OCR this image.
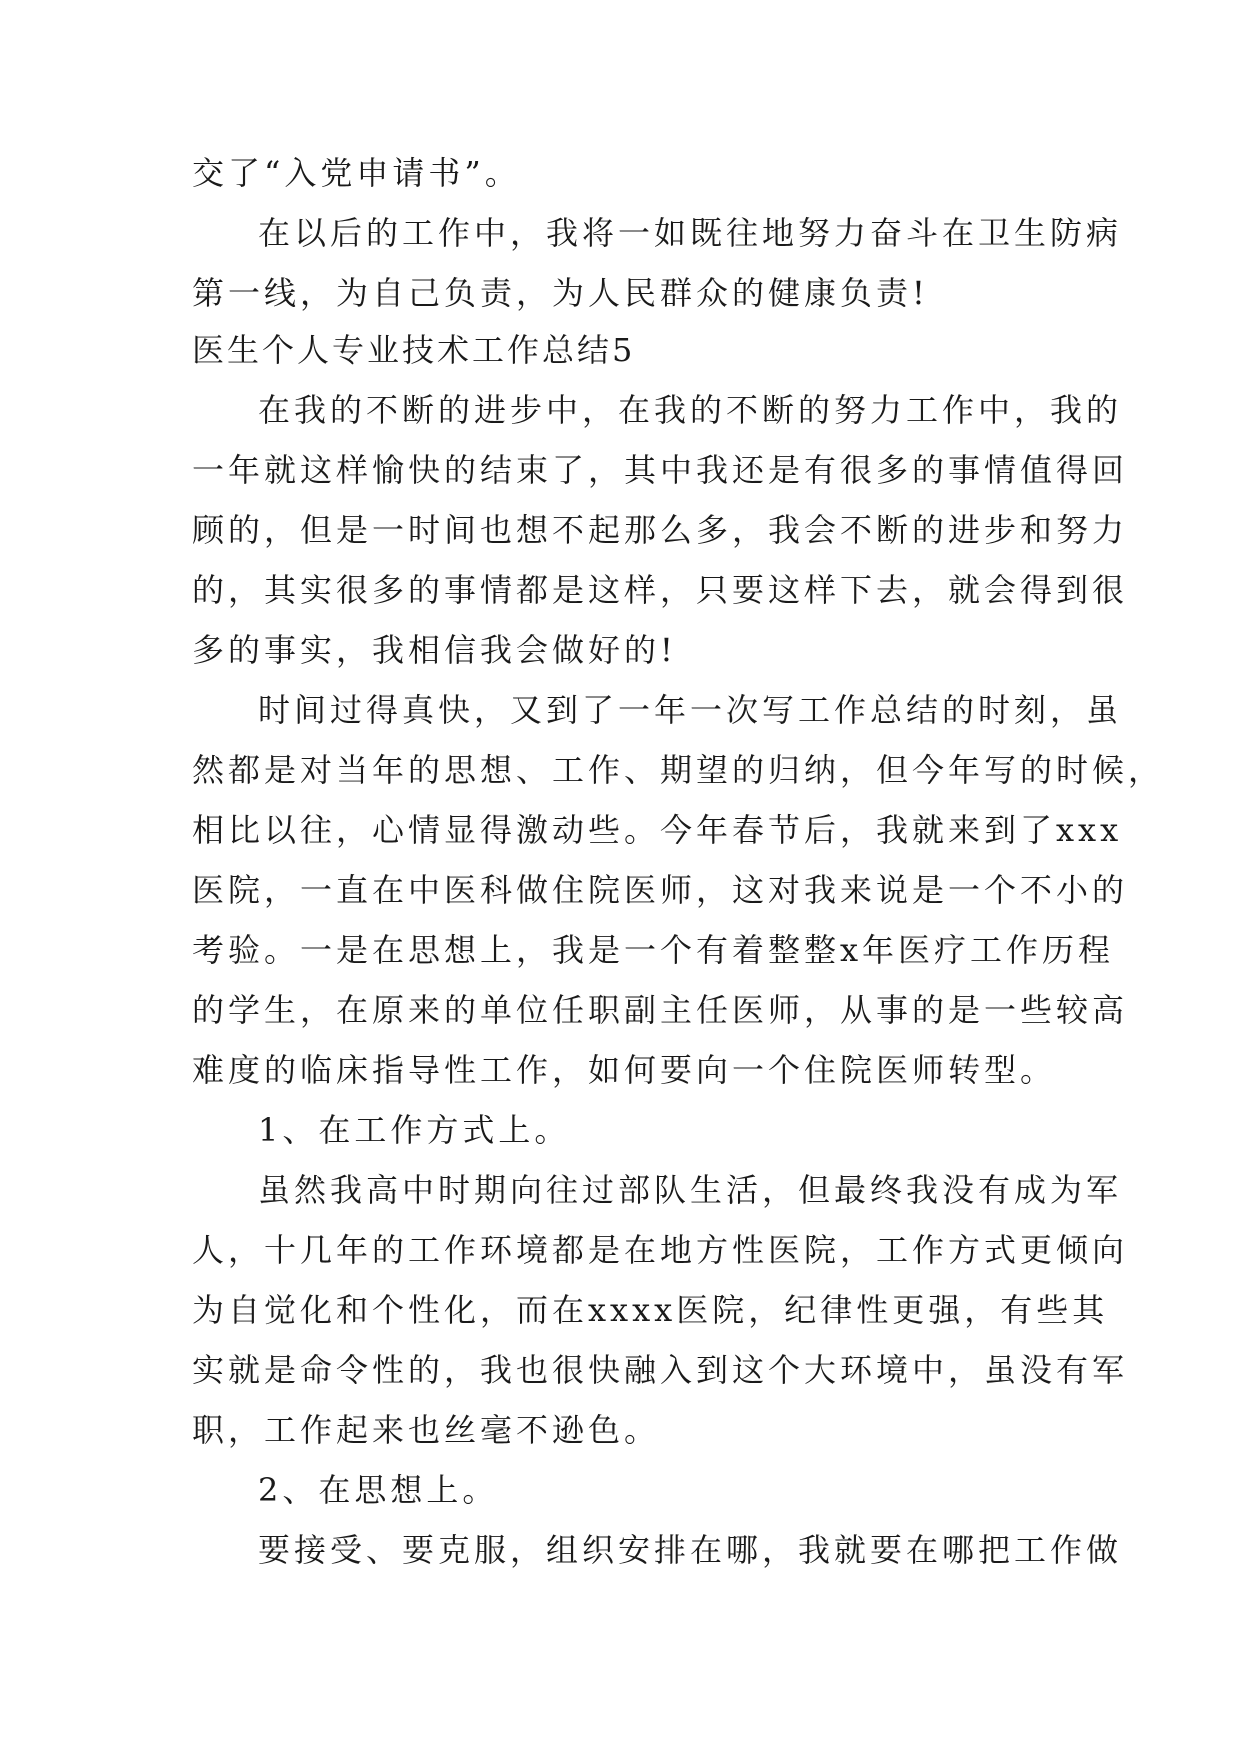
交了“入党申请书”。
在以后的工作中，我将一如既往地努力奋斗在卫生防病
第一线，为自己负责，为人民群众的健康负责!
医生个人专业技术工作总结5
在我的不断的进步中，在我的不断的努力工作中，我的
一年就这样愉快的结束了，其中我还是有很多的事情值得回
顾的，但是一时间也想不起那么多，我会不断的进步和努力
的，其实很多的事情都是这样，只要这样下去，就会得到很
多的事实，我相信我会做好的!
时间过得真快，又到了一年一次写工作总结的时刻，虽
然都是对当年的思想、工作、期望的归纳，但今年写的时候，
相比以往，心情显得激动些。今年春节后，我就来到了xxx
医院，一直在中医科做住院医师，这对我来说是一个不小的
考验。一是在思想上，我是一个有着整整x年医疗工作历程
的学生，在原来的单位任职副主任医师，从事的是一些较高
难度的临床指导性工作，如何要向一个住院医师转型。
1、在工作方式上。
虽然我高中时期向往过部队生活，但最终我没有成为军
人，十几年的工作环境都是在地方性医院，工作方式更倾向
为自觉化和个性化，而在xxxx医院，纪律性更强，有些其
实就是命令性的，我也很快融入到这个大环境中，虽没有军
职，工作起来也丝毫不逊色。
2、在思想上。
要接受、要克服，组织安排在哪，我就要在哪把工作做
